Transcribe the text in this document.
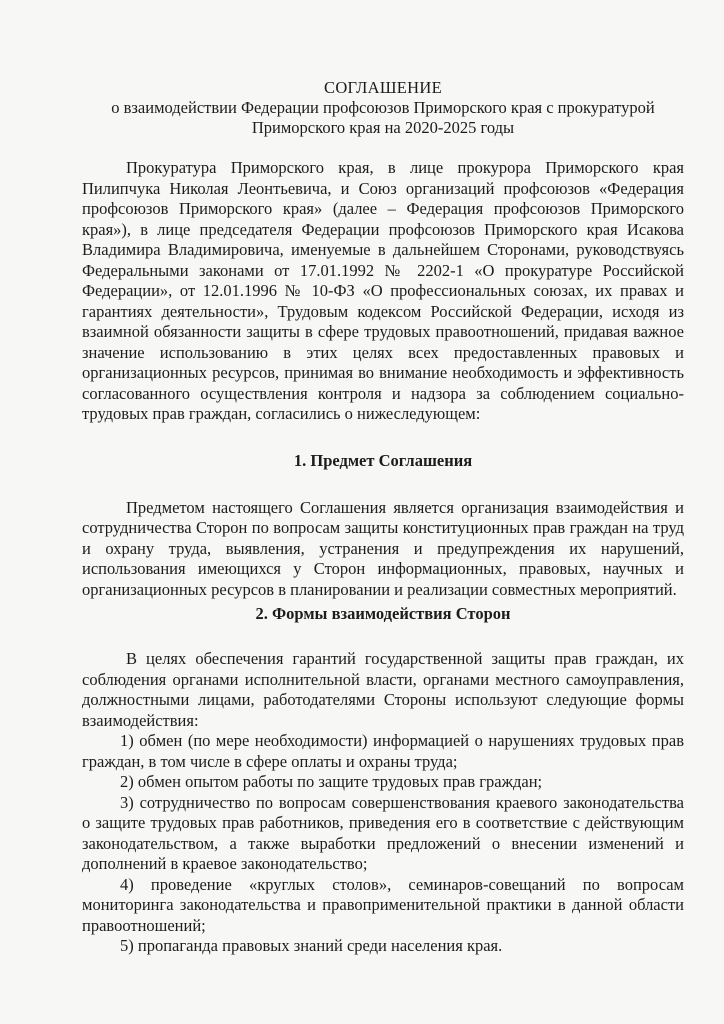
СОГЛАШЕНИЕ
о взаимодействии Федерации профсоюзов Приморского края с прокуратурой
Приморского края на 2020-2025 годы

Прокуратура Приморского края, в лице прокурора Приморского края Пилипчука Николая Леонтьевича, и Союз организаций профсоюзов «Федерация профсоюзов Приморского края» (далее – Федерация профсоюзов Приморского края»), в лице председателя Федерации профсоюзов Приморского края Исакова Владимира Владимировича, именуемые в дальнейшем Сторонами, руководствуясь Федеральными законами от 17.01.1992 № 2202-1 «О прокуратуре Российской Федерации», от 12.01.1996 № 10-ФЗ «О профессиональных союзах, их правах и гарантиях деятельности», Трудовым кодексом Российской Федерации, исходя из взаимной обязанности защиты в сфере трудовых правоотношений, придавая важное значение использованию в этих целях всех предоставленных правовых и организационных ресурсов, принимая во внимание необходимость и эффективность согласованного осуществления контроля и надзора за соблюдением социально-трудовых прав граждан, согласились о нижеследующем:

1. Предмет Соглашения

Предметом настоящего Соглашения является организация взаимодействия и сотрудничества Сторон по вопросам защиты конституционных прав граждан на труд и охрану труда, выявления, устранения и предупреждения их нарушений, использования имеющихся у Сторон информационных, правовых, научных и организационных ресурсов в планировании и реализации совместных мероприятий.

2. Формы взаимодействия Сторон

В целях обеспечения гарантий государственной защиты прав граждан, их соблюдения органами исполнительной власти, органами местного самоуправления, должностными лицами, работодателями Стороны используют следующие формы взаимодействия:

1) обмен (по мере необходимости) информацией о нарушениях трудовых прав граждан, в том числе в сфере оплаты и охраны труда;

2) обмен опытом работы по защите трудовых прав граждан;

3) сотрудничество по вопросам совершенствования краевого законодательства о защите трудовых прав работников, приведения его в соответствие с действующим законодательством, а также выработки предложений о внесении изменений и дополнений в краевое законодательство;

4) проведение «круглых столов», семинаров-совещаний по вопросам мониторинга законодательства и правоприменительной практики в данной области правоотношений;

5) пропаганда правовых знаний среди населения края.
